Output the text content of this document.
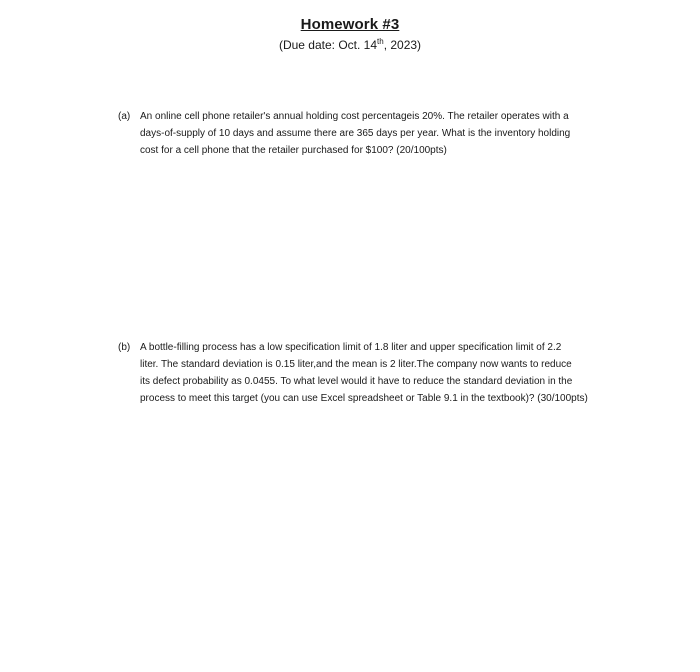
Homework #3
(Due date: Oct. 14th, 2023)
(a) An online cell phone retailer's annual holding cost percentageis 20%. The retailer operates with a
days-of-supply of 10 days and assume there are 365 days per year. What is the inventory holding
cost for a cell phone that the retailer purchased for $100? (20/100pts)
(b) A bottle-filling process has a low specification limit of 1.8 liter and upper specification limit of 2.2
liter. The standard deviation is 0.15 liter,and the mean is 2 liter.The company now wants to reduce
its defect probability as 0.0455. To what level would it have to reduce the standard deviation in the
process to meet this target (you can use Excel spreadsheet or Table 9.1 in the textbook)? (30/100pts)
